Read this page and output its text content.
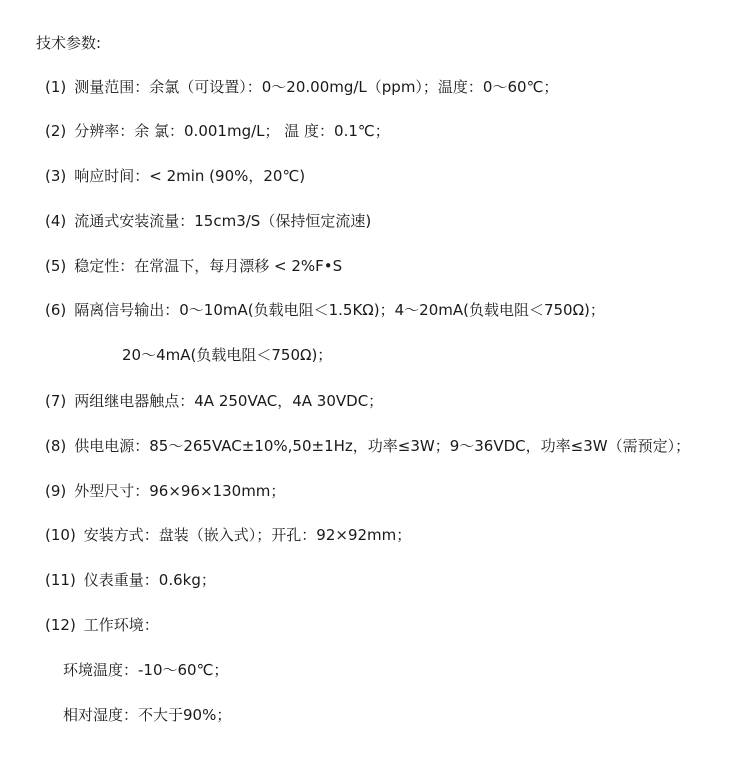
技术参数:
(1) 测量范围：余氯（可设置）：0～20.00mg/L（ppm）；温度：0～60℃；
(2) 分辨率：余 氯：0.001mg/L； 温 度：0.1℃；
(3) 响应时间：< 2min (90%，20℃)
(4) 流通式安装流量：15cm3/S（保持恒定流速)
(5) 稳定性：在常温下，每月漂移 < 2%F•S
(6) 隔离信号输出：0～10mA(负载电阻＜1.5KΩ)；4～20mA(负载电阻＜750Ω)；
20～4mA(负载电阻＜750Ω)；
(7) 两组继电器触点：4A 250VAC，4A 30VDC；
(8) 供电电源：85～265VAC±10%,50±1Hz，功率≤3W；9～36VDC，功率≤3W（需预定）；
(9) 外型尺寸：96×96×130mm；
(10) 安装方式：盘装（嵌入式）；开孔：92×92mm；
(11) 仪表重量：0.6kg；
(12) 工作环境：
环境温度：-10～60℃；
相对湿度：不大于90%；
